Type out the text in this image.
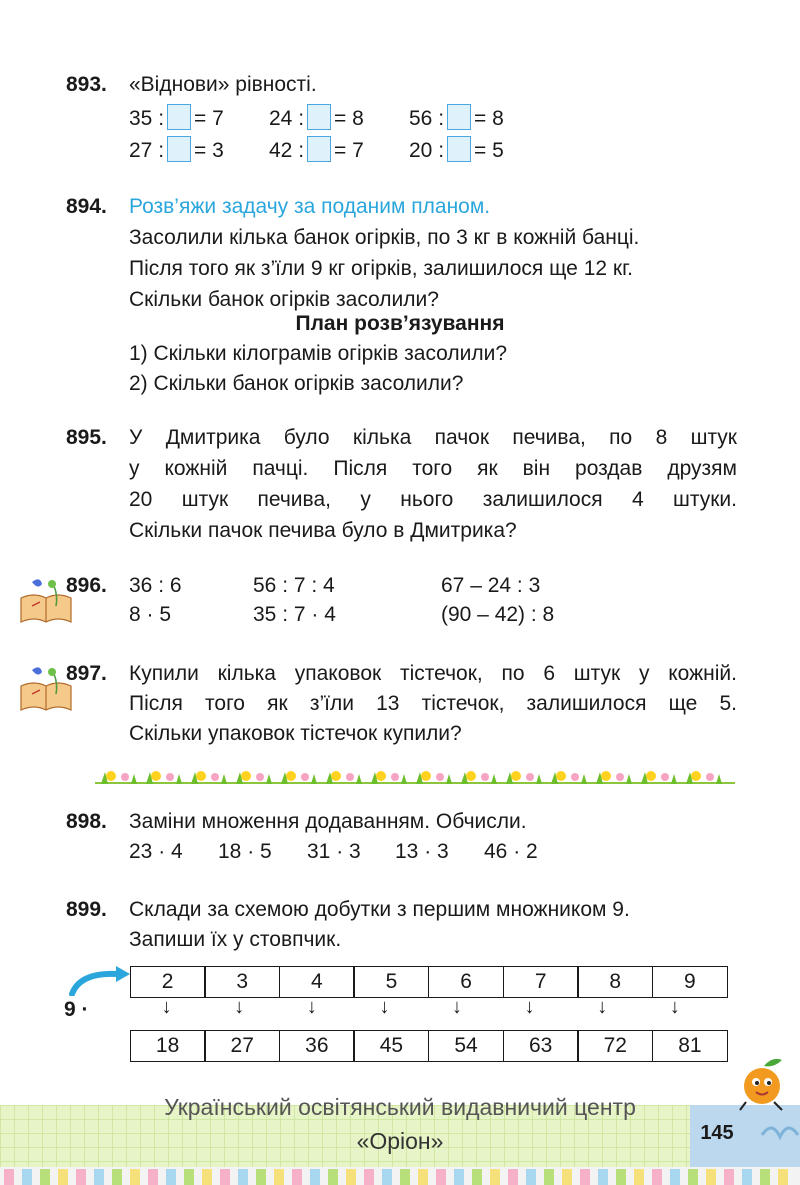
893. «Віднови» рівності.
35 : = 7 24 : = 8 56 : = 8
27 : = 3 42 : = 7 20 : = 5
894. Розв’яжи задачу за поданим планом.
Засолили кілька банок огірків, по 3 кг в кожній банці.
Після того як з’їли 9 кг огірків, залишилося ще 12 кг.
Скільки банок огірків засолили?
План розв’язування
1) Скільки кілограмів огірків засолили?
2) Скільки банок огірків засолили?
895. У Дмитрика було кілька пачок печива, по 8 штук
у кожній пачці. Після того як він роздав друзям
20 штук печива, у нього залишилося 4 штуки.
Скільки пачок печива було в Дмитрика?
896. 36 : 6	56 : 7 : 4	67 – 24 : 3
8 · 5	35 : 7 · 4	(90 – 42) : 8
897. Купили кілька упаковок тістечок, по 6 штук у кожній.
Після того як з’їли 13 тістечок, залишилося ще 5.
Скільки упаковок тістечок купили?
898. Заміни множення додаванням. Обчисли.
23 · 4 18 · 5 31 · 3 13 · 3 46 · 2
899. Склади за схемою добутки з першим множником 9.
Запиши їх у стовпчик.
9 ·
2	3	4	5	6	7	8	9
↓	↓	↓	↓	↓	↓	↓	↓
18	27	36	45	54	63	72	81
Український освітянський видавничий центр
«Оріон»	145
